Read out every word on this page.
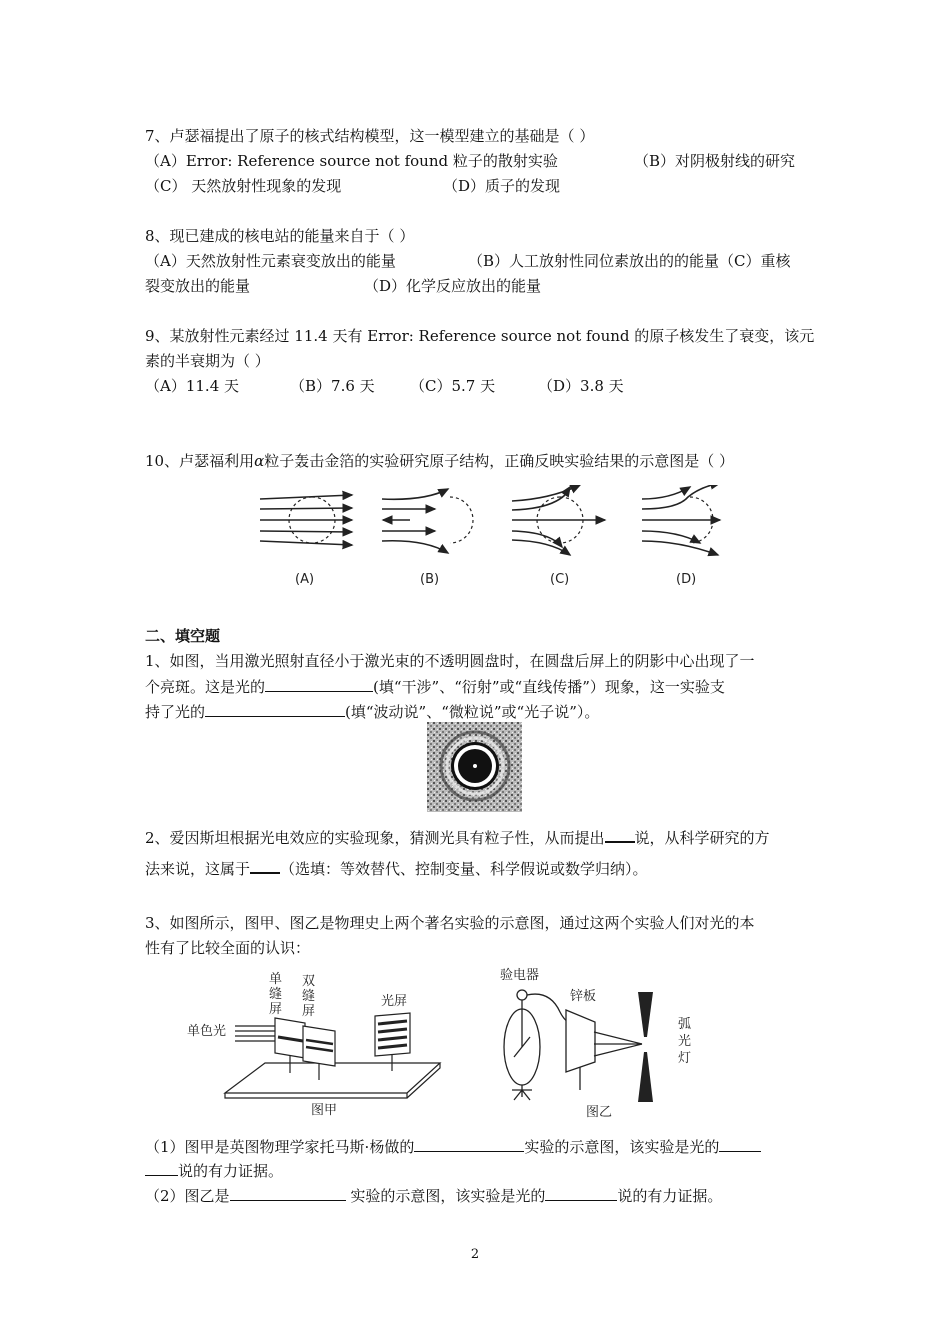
7、卢瑟福提出了原子的核式结构模型，这一模型建立的基础是（ ）
（A）Error: Reference source not found 粒子的散射实验	（B）对阴极射线的研究
（C） 天然放射性现象的发现	（D）质子的发现
8、现已建成的核电站的能量来自于（ ）
（A）天然放射性元素衰变放出的能量	（B）人工放射性同位素放出的的能量（C）重核
裂变放出的能量	（D）化学反应放出的能量
9、某放射性元素经过 11.4 天有 Error: Reference source not found 的原子核发生了衰变，该元
素的半衰期为（ ）
（A）11.4 天	（B）7.6 天 （C）5.7 天	（D）3.8 天
10、卢瑟福利用α粒子轰击金箔的实验研究原子结构，正确反映实验结果的示意图是（ ）
(A)	(B)	(C)	(D)
二、填空题
1、如图，当用激光照射直径小于激光束的不透明圆盘时，在圆盘后屏上的阴影中心出现了一
个亮斑。这是光的	(填“干涉”、“衍射”或“直线传播”）现象，这一实验支
持了光的	(填“波动说”、“微粒说”或“光子说”）。
2、爱因斯坦根据光电效应的实验现象，猜测光具有粒子性，从而提出 说，从科学研究的方
法来说，这属于 （选填：等效替代、控制变量、科学假说或数学归纳）。
3、如图所示，图甲、图乙是物理史上两个著名实验的示意图，通过这两个实验人们对光的本
性有了比较全面的认识：
单
缝
屏
双
缝
屏
光屏
单色光
图甲
验电器
锌板
弧
光
灯
图乙
（1）图甲是英图物理学家托马斯·杨做的	实验的示意图，该实验是光的
说的有力证据。
（2）图乙是	实验的示意图，该实验是光的	说的有力证据。
2
